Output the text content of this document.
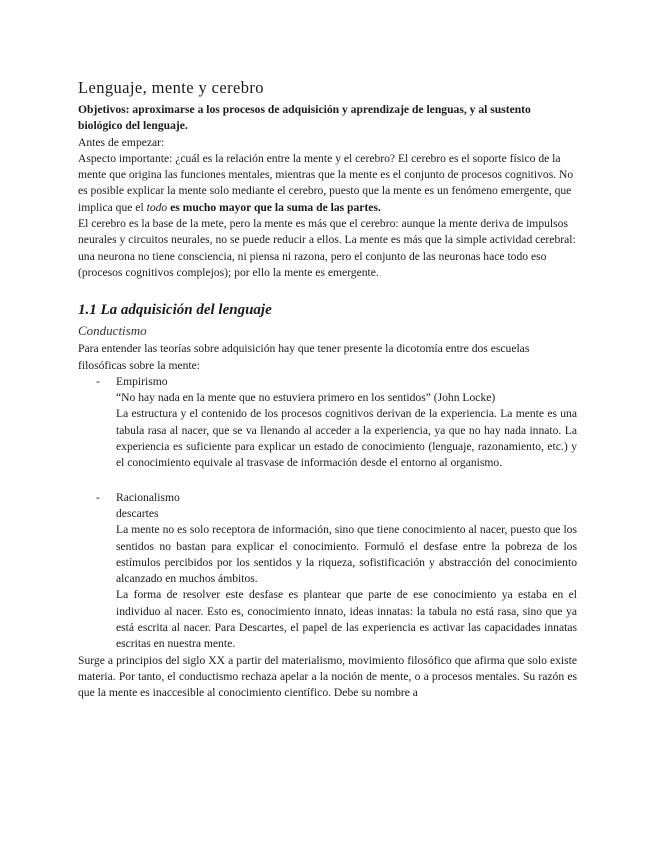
Lenguaje, mente y cerebro

Objetivos: aproximarse a los procesos de adquisición y aprendizaje de lenguas, y al sustento biológico del lenguaje.

Antes de empezar:

Aspecto importante: ¿cuál es la relación entre la mente y el cerebro? El cerebro es el soporte físico de la mente que origina las funciones mentales, mientras que la mente es el conjunto de procesos cognitivos. No es posible explicar la mente solo mediante el cerebro, puesto que la mente es un fenómeno emergente, que implica que el todo es mucho mayor que la suma de las partes.

El cerebro es la base de la mete, pero la mente es más que el cerebro: aunque la mente deriva de impulsos neurales y circuitos neurales, no se puede reducir a ellos. La mente es más que la simple actividad cerebral: una neurona no tiene consciencia, ni piensa ni razona, pero el conjunto de las neuronas hace todo eso (procesos cognitivos complejos); por ello la mente es emergente.

1.1 La adquisición del lenguaje
Conductismo

Para entender las teorías sobre adquisición hay que tener presente la dicotomía entre dos escuelas filosóficas sobre la mente:

- Empirismo

“No hay nada en la mente que no estuviera primero en los sentidos” (John Locke)

La estructura y el contenido de los procesos cognitivos derivan de la experiencia. La mente es una tabula rasa al nacer, que se va llenando al acceder a la experiencia, ya que no hay nada innato. La experiencia es suficiente para explicar un estado de conocimiento (lenguaje, razonamiento, etc.) y el conocimiento equivale al trasvase de información desde el entorno al organismo.

- Racionalismo

descartes

La mente no es solo receptora de información, sino que tiene conocimiento al nacer, puesto que los sentidos no bastan para explicar el conocimiento. Formuló el desfase entre la pobreza de los estímulos percibidos por los sentidos y la riqueza, sofistificación y abstracción del conocimiento alcanzado en muchos ámbitos.

La forma de resolver este desfase es plantear que parte de ese conocimiento ya estaba en el individuo al nacer. Esto es, conocimiento innato, ideas innatas: la tabula no está rasa, sino que ya está escrita al nacer. Para Descartes, el papel de las experiencia es activar las capacidades innatas escritas en nuestra mente.

Surge a principios del siglo XX a partir del materialismo, movimiento filosófico que afirma que solo existe materia. Por tanto, el conductismo rechaza apelar a la noción de mente, o a procesos mentales. Su razón es que la mente es inaccesible al conocimiento científico. Debe su nombre a
